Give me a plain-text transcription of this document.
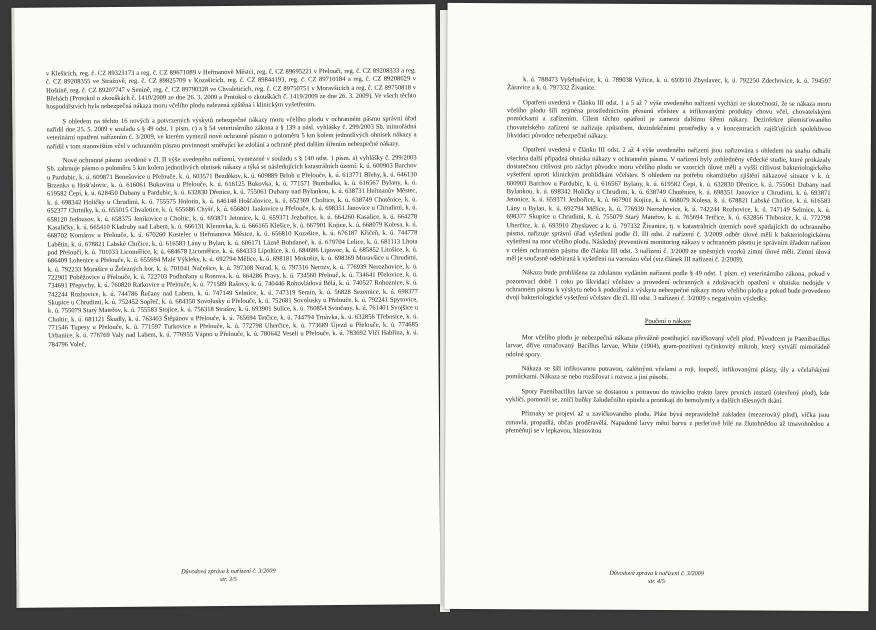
v Klešicích, reg. č. CZ 89323173 a reg. č. CZ 89671089 v Heřmanově Městci, reg. č. CZ 89695221 v Přelouči, reg. č. CZ 89208333 a reg. č. CZ 89208355 ve Stražově, reg. č. CZ 89825709 v Kozašicích, reg. č. CZ 89844193, reg. č. CZ 89710184 a reg. č. CZ 89208029 v Hoštíně, reg. č. CZ 89207747 v Seníně, reg. č. CZ 89790328 ve Chvaleticích, reg. č. CZ 89750751 v Moravšicích a reg. č. CZ 89750818 v Břehách (Protokol o zkouškách č. 1410/2009 ze dne 26. 3. 2009 a Protokol o zkouškách č. 1419/2009 ze dne 26. 3. 2009). Ve všech těchto hospodářstvích byla nebezpečná nákaza moru včelího plodu nalezená zjištěna i klinickým vyšetřením.

S ohledem na těchto 16 nových a potvrzených výskytů nebezpečné nákazy moru včelího plodu v ochranném pásmu správní úřad nařídil dne 25. 5. 2009 v souladu s § 49 odst. 1 písm. c) a § 54 veterinárního zákona a § 139 a násl. vyhlášky č. 299/2003 Sb. mimořádná veterinární opatření nařízením č. 3/2009, ve kterém vymezil nové ochranné pásmo o poloměru 5 km kolem jednotlivých ohnisek nákazy a nařídil v tom stanovištím včel v ochranném pásmu povinnosti směřující ke zdolání a ochraně před dalším šířením nebezpečné nákazy.

Nové ochranné pásmo uvedené v čl. II výše uvedeného nařízení, vymezené v souladu s § 140 odst. 1 písm. a) vyhlášky č. 299/2003 Sb. zahrnuje pásmo o poloměru 5 km kolem jednotlivých ohnisek nákazy a týká se následujících katastrálních území: k. ú. 600903 Barchov u Pardubic, k. ú. 609871 Benešovice u Přelouče, k. ú. 603571 Bezděkov, k. ú. 609889 Brloh u Přelouče, k. ú. 613771 Břehy, k. ú. 646130 Brzenka u Hošťalovic, k. ú. 616061 Bukovina u Přelouče, k. ú. 616125 Bukovka, k. ú. 771571 Bumbalka, k. ú. 616567 Bylany, k. ú. 619582 Čepí, k. ú. 628450 Dubany u Pardubic, k. ú. 632830 Dřenice, k. ú. 755061 Dubany nad Bylankou, k. ú. 638731 Heřmanův Městec, k. ú. 698342 Holičky u Chrudimi, k. ú. 755575 Holotín, k. ú. 646148 Hošťalovice, k. ú. 652369 Choltice, k. ú. 638749 Chotěnice, k. ú. 652377 Chrtníky, k. ú. 655015 Chvaletice, k. ú. 655686 Chýšť, k. ú. 656801 Jankovice u Přelouče, k. ú. 698351 Janovice u Chrudimi, k. ú. 658120 Jedousov, k. ú. 658375 Jenikovice u Choltic, k. ú. 693871 Jetonice, k. ú. 659371 Jezbořice, k. ú. 664260 Kasalice, k. ú. 664278 Kasaličky, k. ú. 665410 Kladruby nad Labem, k. ú. 666131 Klenovka, k. ú. 666165 Klešice, k. ú. 667901 Kojice, k. ú. 668079 Kolesa, k. ú. 668702 Komárov u Přelouče, k. ú. 670260 Kostelec u Heřmanova Městce, k. ú. 656810 Kozašice, k. ú. 676187 Křičeň, k. ú. 744778 Labětín, k. ú. 678821 Labské Chrčice, k. ú. 616583 Lány u Bylan, k. ú. 606171 Lázně Bohdaneč, k. ú. 679704 Lelice, k. ú. 681113 Lhota pod Přeloučí, k. ú. 701033 Licoměřice, k. ú. 684678 Licoměřice, k. ú. 684333 Lipoltice, k. ú. 684686 Lipovec, k. ú. 685852 Litošice, k. ú. 686409 Lohenice u Přelouče, k. ú. 655694 Malé Výkleky, k. ú. 692794 Mělice, k. ú. 698181 Mokošín, k. ú. 698369 Moravšice u Chrudimi, k. ú. 792233 Morašice u Železných hor, k. ú. 701041 Načešice, k. ú. 797308 Nerad, k. ú. 797316 Nerozv, k. ú. 776939 Nerozhovice, k. ú. 722901 Poběžovice u Přelouče, k. ú. 722703 Podhořany u Ronova, k. ú. 664286 Pravy, k. ú. 734560 Přelouč, k. ú. 734641 Přelovice, k. ú. 734691 Přepychy, k. ú. 760820 Ratkovice u Přelouče, k. ú. 771589 Rašovy, k. ú. 740446 Rohovládová Bělá, k. ú. 740527 Rohoznice, k. ú. 742244 Rozhovice, k. ú. 744786 Řečany nad Labem, k. ú. 747149 Selmice, k. ú. 747319 Semín, k. ú. 56828 Sezemice, k. ú. 698377 Skupice u Chrudimi, k. ú. 752452 Sopřeč, k. ú. 684350 Sovolusky u Přelouče, k. ú. 752681 Sovolusky u Přelouče, k. ú. 792241 Spytovice, k. ú. 755079 Starý Mateřov, k. ú. 755583 Stojice, k. ú. 756318 Strašov, k. ú. 693901 Sulice, k. ú. 760854 Svinčany, k. ú. 761401 Svojšice u Choltic, k. ú. 681121 Škudly, k. ú. 763403 Štěpánov u Přelouče, k. ú. 765694 Tetčice, k. ú. 744794 Trnávka, k. ú. 632856 Třebosice, k. ú. 771546 Tupesy u Přelouče, k. ú. 771597 Turkovice u Přelouče, k. ú. 772798 Uherčice, k. ú. 773689 Újezd u Přelouče, k. ú. 774685 Urbanice, k. ú. 776769 Valy nad Labem, k. ú. 776955 Vápno u Přelouče, k. ú. 780642 Veselí u Přelouče, k. ú. 783692 Vlčí Habřina, k. ú. 784796 Voleč,

Důvodová zpráva k nařízení č. 3/2009
str. 3/5

k. ú. 788473 Vyšehněvice, k. ú. 789038 Vyžice, k. ú. 693910 Zbyslavec, k. ú. 792250 Zdechovice, k. ú. 794597 Žáravice a k. ú. 797332 Živanice.

Opatření uvedená v článku III odst. 1 a 5 až 7 výše uvedeného nařízení vychází ze skutečnosti, že se nákaza moru včelího plodu šíří zejména prostřednictvím přesunů včelstev a infikovanými produkty chovu včel, chovatelskými pomůckami a zařízením. Cílem těchto opatření je zamezit dalšímu šíření nákazy. Dezinfekce přemisťovaného chovatelského zařízení se nařizuje způsobem, dezinfekčními prostředky a v koncentracích zajišťujících spolehlivou likvidaci původce nebezpečné nákazy.

Opatření uvedená v článku III odst. 2 až 4 výše uvedeného nařízení jsou nařizována s ohledem na snahu odhalit všechna další případná ohniska nákazy v ochranném pásmu. V nařízení byly zohledněny vědecké studie, které prokázaly dostatečnou citlivost pro záchyt původce moru včelího plodu ve vzorcích úlové měli a vyšší citlivost bakteriologického vyšetření oproti klinickým prohlídkám včelstev. S ohledem na potřebu okamžitého zjištění nákazové situace v k. ú. 600903 Barchov u Pardubic, k. ú. 616567 Bylany, k. ú. 619582 Čepí, k. ú. 632830 Dřenice, k. ú. 755061 Dubany nad Bylankou, k. ú. 698342 Holičky u Chrudimi, k. ú. 638749 Chotěnice, k. ú. 698351 Janovice u Chrudimi, k. ú. 693871 Jetonice, k. ú. 659371 Jezbořice, k. ú. 667901 Kojice, k. ú. 668079 Kolesa, k. ú. 678821 Labské Chrčice, k. ú. 616583 Lány u Bylan, k. ú. 692794 Mělice, k. ú. 776939 Nerozhovice, k. ú. 742244 Rozhovice, k. ú. 747149 Selmice, k. ú. 698377 Skupice u Chrudimi, k. ú. 755079 Starý Mateřov, k. ú. 765694 Tetčice, k. ú. 632856 Třebosice, k. ú. 772798 Uherčice, k. ú. 693910 Zbyslavec a k. ú. 797332 Živanice, tj. v katastrálních územích nově spadajících do ochranného pásma, nařizuje správní úřad vyšetření podle čl. III odst. 2 nařízení č. 3/2009 odběr úlové měli k bakteriologickému vyšetření na mor včelího plodu. Následný preventivní monitoring nákazy v ochranném pásmu je správním úřadem nařízen v celém ochranném pásmu dle článku III odst. 3 nařízení č. 3/2009 ze směsných vzorků zimní úlové měli. Zimní úlová měl je současně odebíraná k vyšetření na varroázu včel (viz článek III nařízení č. 2/2009).

Nákaza bude prohlášena za zdolanou vydáním nařízení podle § 49 odst. 1 písm. e) veterinárního zákona, pokud v pozorovací době 1 roku po likvidaci včelstev a provedení ochranných a zdolávacích opatření v ohnisku nedojde v ochranném pásmu k výskytu nebo k podezření z výskytu nebezpečné nákazy moru včelího plodu a pokud bude provedeno dvojí bakteriologické vyšetření včelstev dle čl. III odst. 3 nařízení č. 3/2009 s negativním výsledky.

Poučení o nákaze

Mor včelího plodu je nebezpečná nákaza převážně postihující zavíčkovaný včelí plod. Původcem je Paenibacillus larvae, dříve označovaný Bacillus larvae, White (1904), gram-pozitivní tyčinkovitý mikrob, který vytváří mimořádně odolné spory.

Nákaza se šíří infikovanou potravou, zalétnými včelami a roji, loupeží, infikovanými plásty, úly a včelařskými pomůckami. Nákaza se nebo rozšiřovat i rozvoz a jiní působí.

Spory Paenibacillus larvae se dostanou s potravou do trávicího traktu larev prvních instarů (otevřený plod), kde vyklíčí, pomnoží se, zničí buňky žaludečního epitelu a pronikají do hemolymfy a dalších tělesných tkání.

Příznaky se projeví až u zavíčkovaného plodu. Plást bývá nepravidelně zakladen (mezerovitý plod), víčka jsou ztmavlá, propadlá, občas proděravělá. Napadené larvy mění barvu z perleťově bílé na žlutohnědou až tmavohnědou a přeměňují se v lepkavou, hlenovitou

Důvodová zpráva k nařízení č. 3/2009
str. 4/5
